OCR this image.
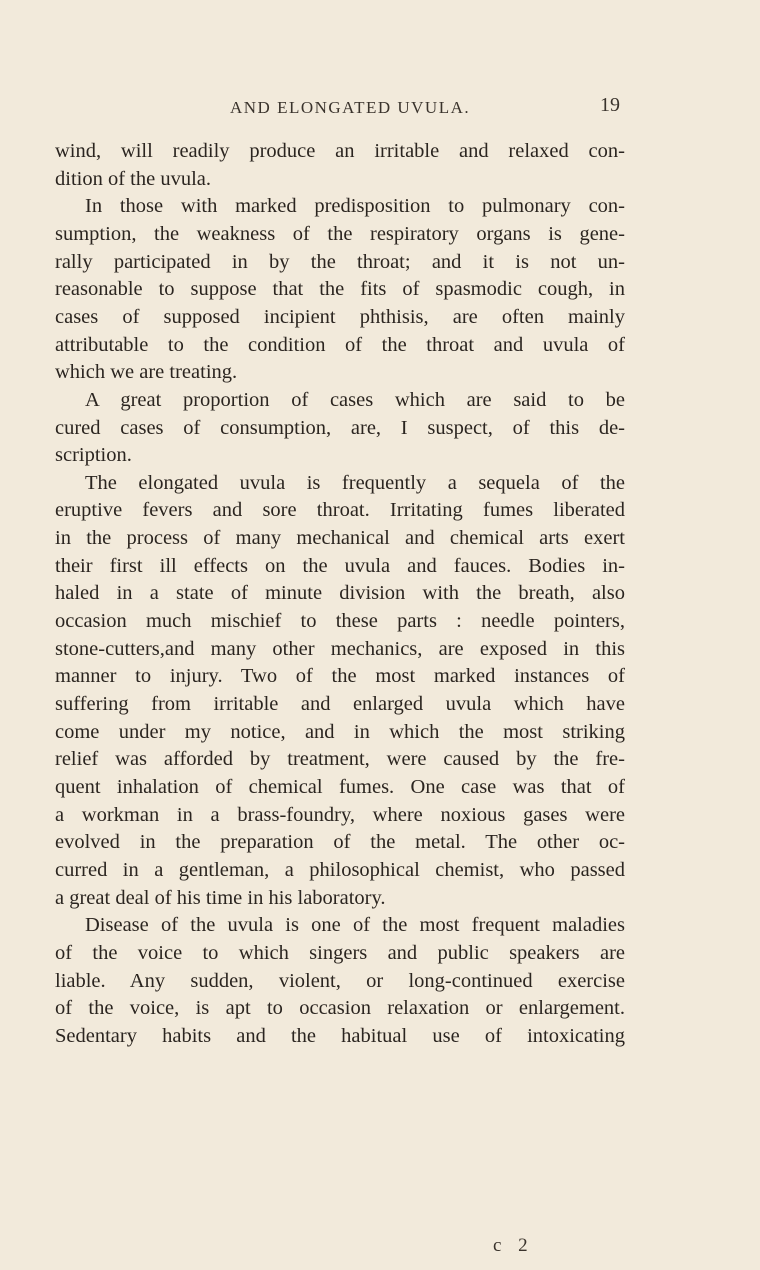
AND ELONGATED UVULA.	19
wind, will readily produce an irritable and relaxed con-
dition of the uvula.
In those with marked predisposition to pulmonary con-
sumption, the weakness of the respiratory organs is gene-
rally participated in by the throat; and it is not un-
reasonable to suppose that the fits of spasmodic cough, in
cases of supposed incipient phthisis, are often mainly
attributable to the condition of the throat and uvula of
which we are treating.
A great proportion of cases which are said to be
cured cases of consumption, are, I suspect, of this de-
scription.
The elongated uvula is frequently a sequela of the
eruptive fevers and sore throat. Irritating fumes liberated
in the process of many mechanical and chemical arts exert
their first ill effects on the uvula and fauces. Bodies in-
haled in a state of minute division with the breath, also
occasion much mischief to these parts : needle pointers,
stone-cutters,and many other mechanics, are exposed in this
manner to injury. Two of the most marked instances of
suffering from irritable and enlarged uvula which have
come under my notice, and in which the most striking
relief was afforded by treatment, were caused by the fre-
quent inhalation of chemical fumes. One case was that of
a workman in a brass-foundry, where noxious gases were
evolved in the preparation of the metal. The other oc-
curred in a gentleman, a philosophical chemist, who passed
a great deal of his time in his laboratory.
Disease of the uvula is one of the most frequent maladies
of the voice to which singers and public speakers are
liable. Any sudden, violent, or long-continued exercise
of the voice, is apt to occasion relaxation or enlargement.
Sedentary habits and the habitual use of intoxicating
c 2
